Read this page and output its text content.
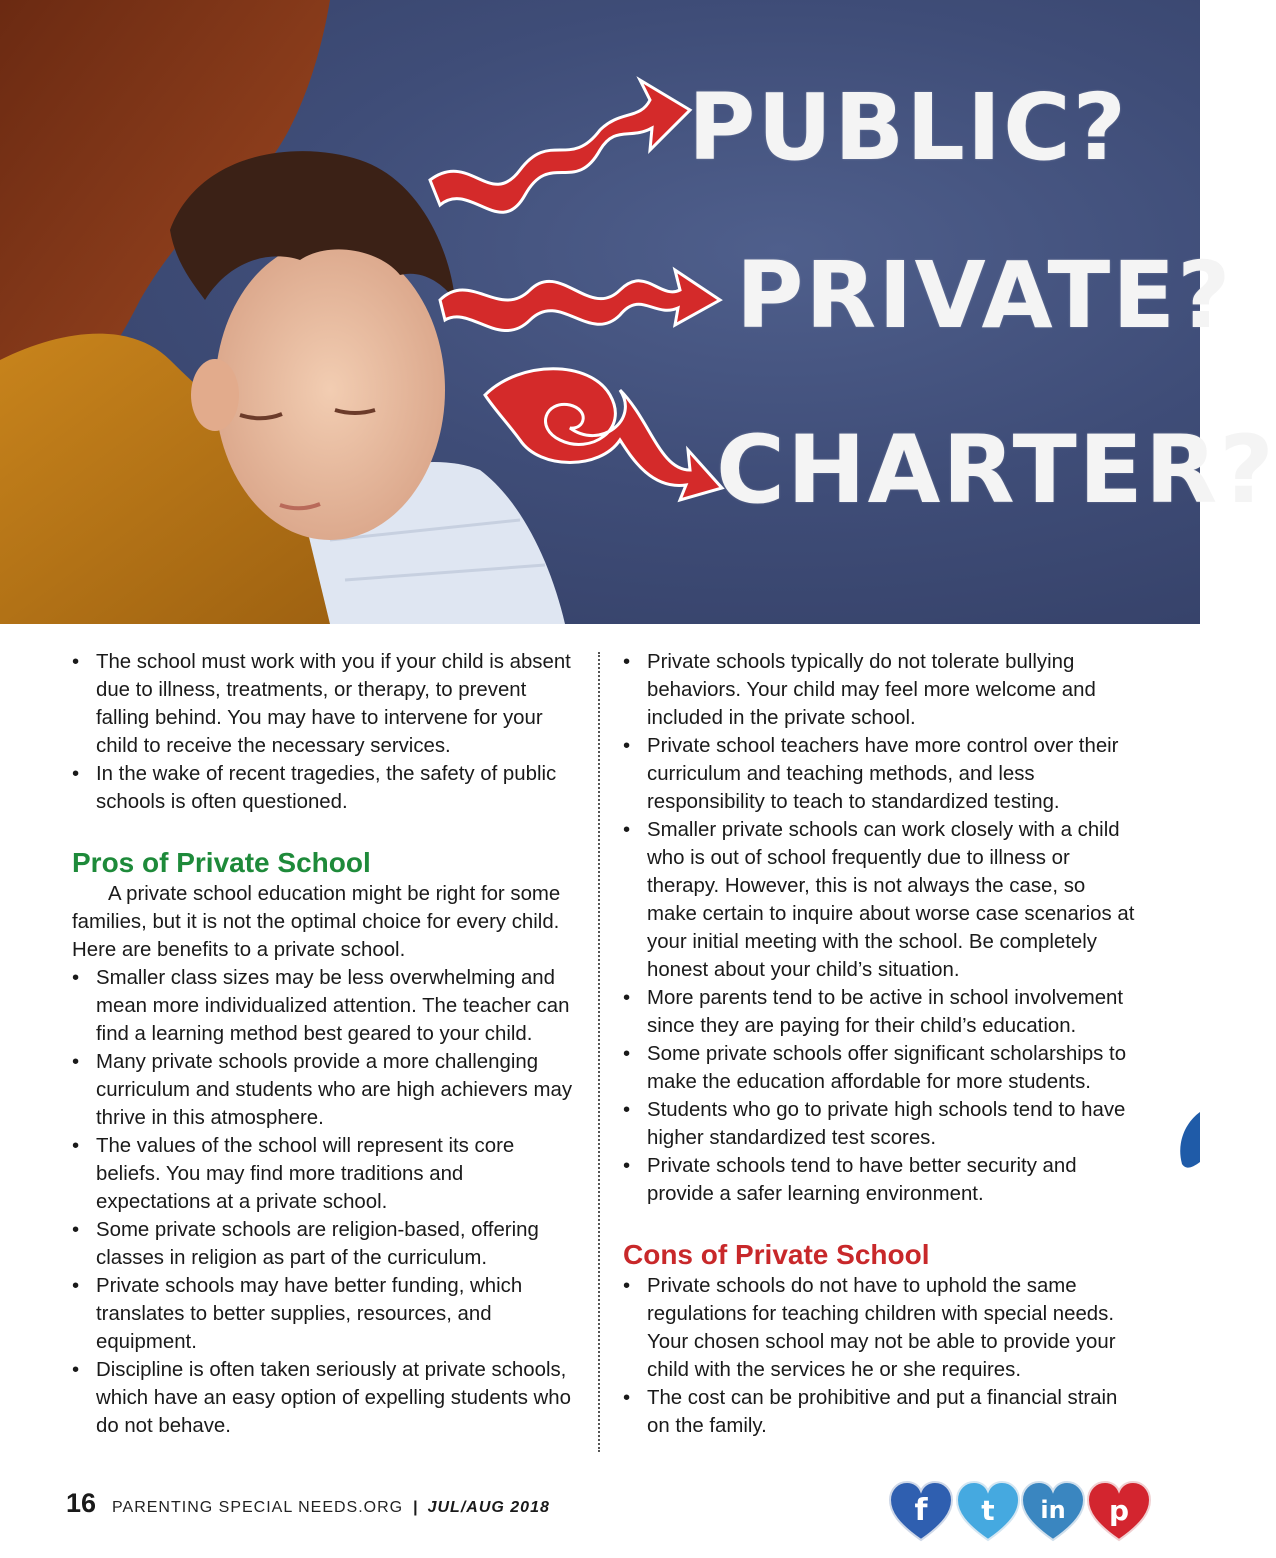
PUBLIC?
PRIVATE?
CHARTER?
• The school must work with you if your child is absent due to illness, treatments, or therapy, to prevent falling behind. You may have to intervene for your child to receive the necessary services.
• In the wake of recent tragedies, the safety of public schools is often questioned.
Pros of Private School

A private school education might be right for some families, but it is not the optimal choice for every child. Here are benefits to a private school.

• Smaller class sizes may be less overwhelming and mean more individualized attention. The teacher can find a learning method best geared to your child.
• Many private schools provide a more challenging curriculum and students who are high achievers may thrive in this atmosphere.
• The values of the school will represent its core beliefs. You may find more traditions and expectations at a private school.
• Some private schools are religion-based, offering classes in religion as part of the curriculum.
• Private schools may have better funding, which translates to better supplies, resources, and equipment.
• Discipline is often taken seriously at private schools, which have an easy option of expelling students who do not behave.
• Private schools typically do not tolerate bullying behaviors. Your child may feel more welcome and included in the private school.
• Private school teachers have more control over their curriculum and teaching methods, and less responsibility to teach to standardized testing.
• Smaller private schools can work closely with a child who is out of school frequently due to illness or therapy. However, this is not always the case, so make certain to inquire about worse case scenarios at your initial meeting with the school. Be completely honest about your child’s situation.
• More parents tend to be active in school involvement since they are paying for their child’s education.
• Some private schools offer significant scholarships to make the education affordable for more students.
• Students who go to private high schools tend to have higher standardized test scores.
• Private schools tend to have better security and provide a safer learning environment.
Cons of Private School
• Private schools do not have to uphold the same regulations for teaching children with special needs. Your chosen school may not be able to provide your child with the services he or she requires.
• The cost can be prohibitive and put a financial strain on the family.
16 PARENTING SPECIAL NEEDS.ORG | JUL/AUG 2018	f t in p
